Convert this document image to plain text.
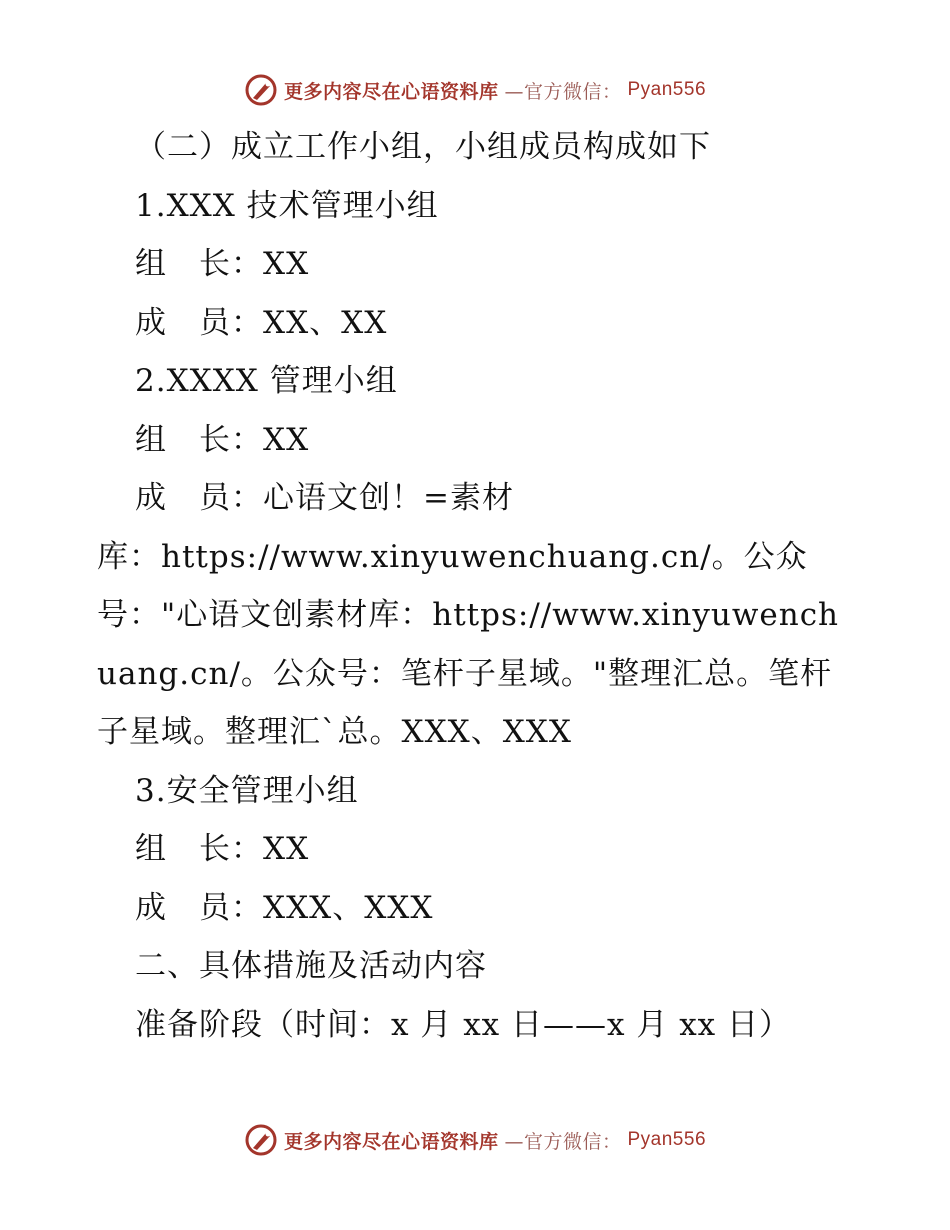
更多内容尽在心语资料库 —官方微信： Pyan556
（二）成立工作小组，小组成员构成如下
1.XXX 技术管理小组
组　长：XX
成　员：XX、XX
2.XXXX 管理小组
组　长：XX
成　员：心语文创！=素材
库：https://www.xinyuwenchuang.cn/。公众号："心语文创素材库：https://www.xinyuwenchuang.cn/。公众号：笔杆子星域。"整理汇总。笔杆子星域。整理汇`总。XXX、XXX
3.安全管理小组
组　长：XX
成　员：XXX、XXX
二、具体措施及活动内容
准备阶段（时间：x 月 xx 日——x 月 xx 日）
更多内容尽在心语资料库 —官方微信： Pyan556
